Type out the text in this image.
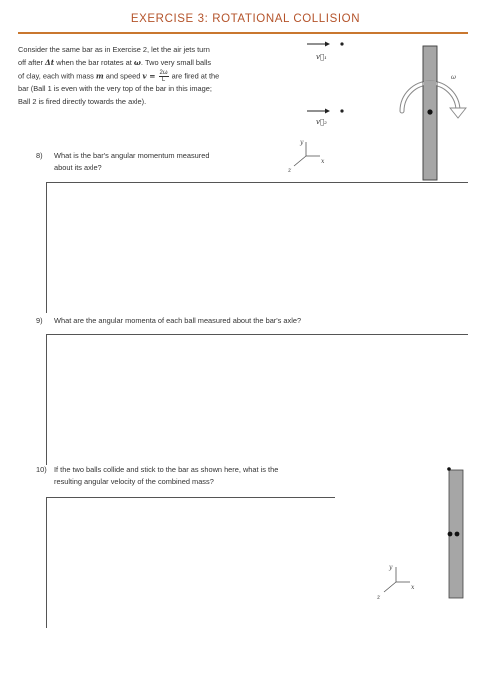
EXERCISE 3: ROTATIONAL COLLISION
Consider the same bar as in Exercise 2, let the air jets turn
off after Δt when the bar rotates at ω. Two very small balls
of clay, each with mass m and speed $v = \frac{2\omega}{L}$ are fired at the
bar (Ball 1 is even with the very top of the bar in this image;
Ball 2 is fired directly towards the axle).
8) What is the bar's angular momentum measured
about its axle?
9) What are the angular momenta of each ball measured about the bar's axle?
10) If the two balls collide and stick to the bar as shown here, what is the
resulting angular velocity of the combined mass?
v⃗₁
v⃗₂
y
x
z
ω
y
x
z
